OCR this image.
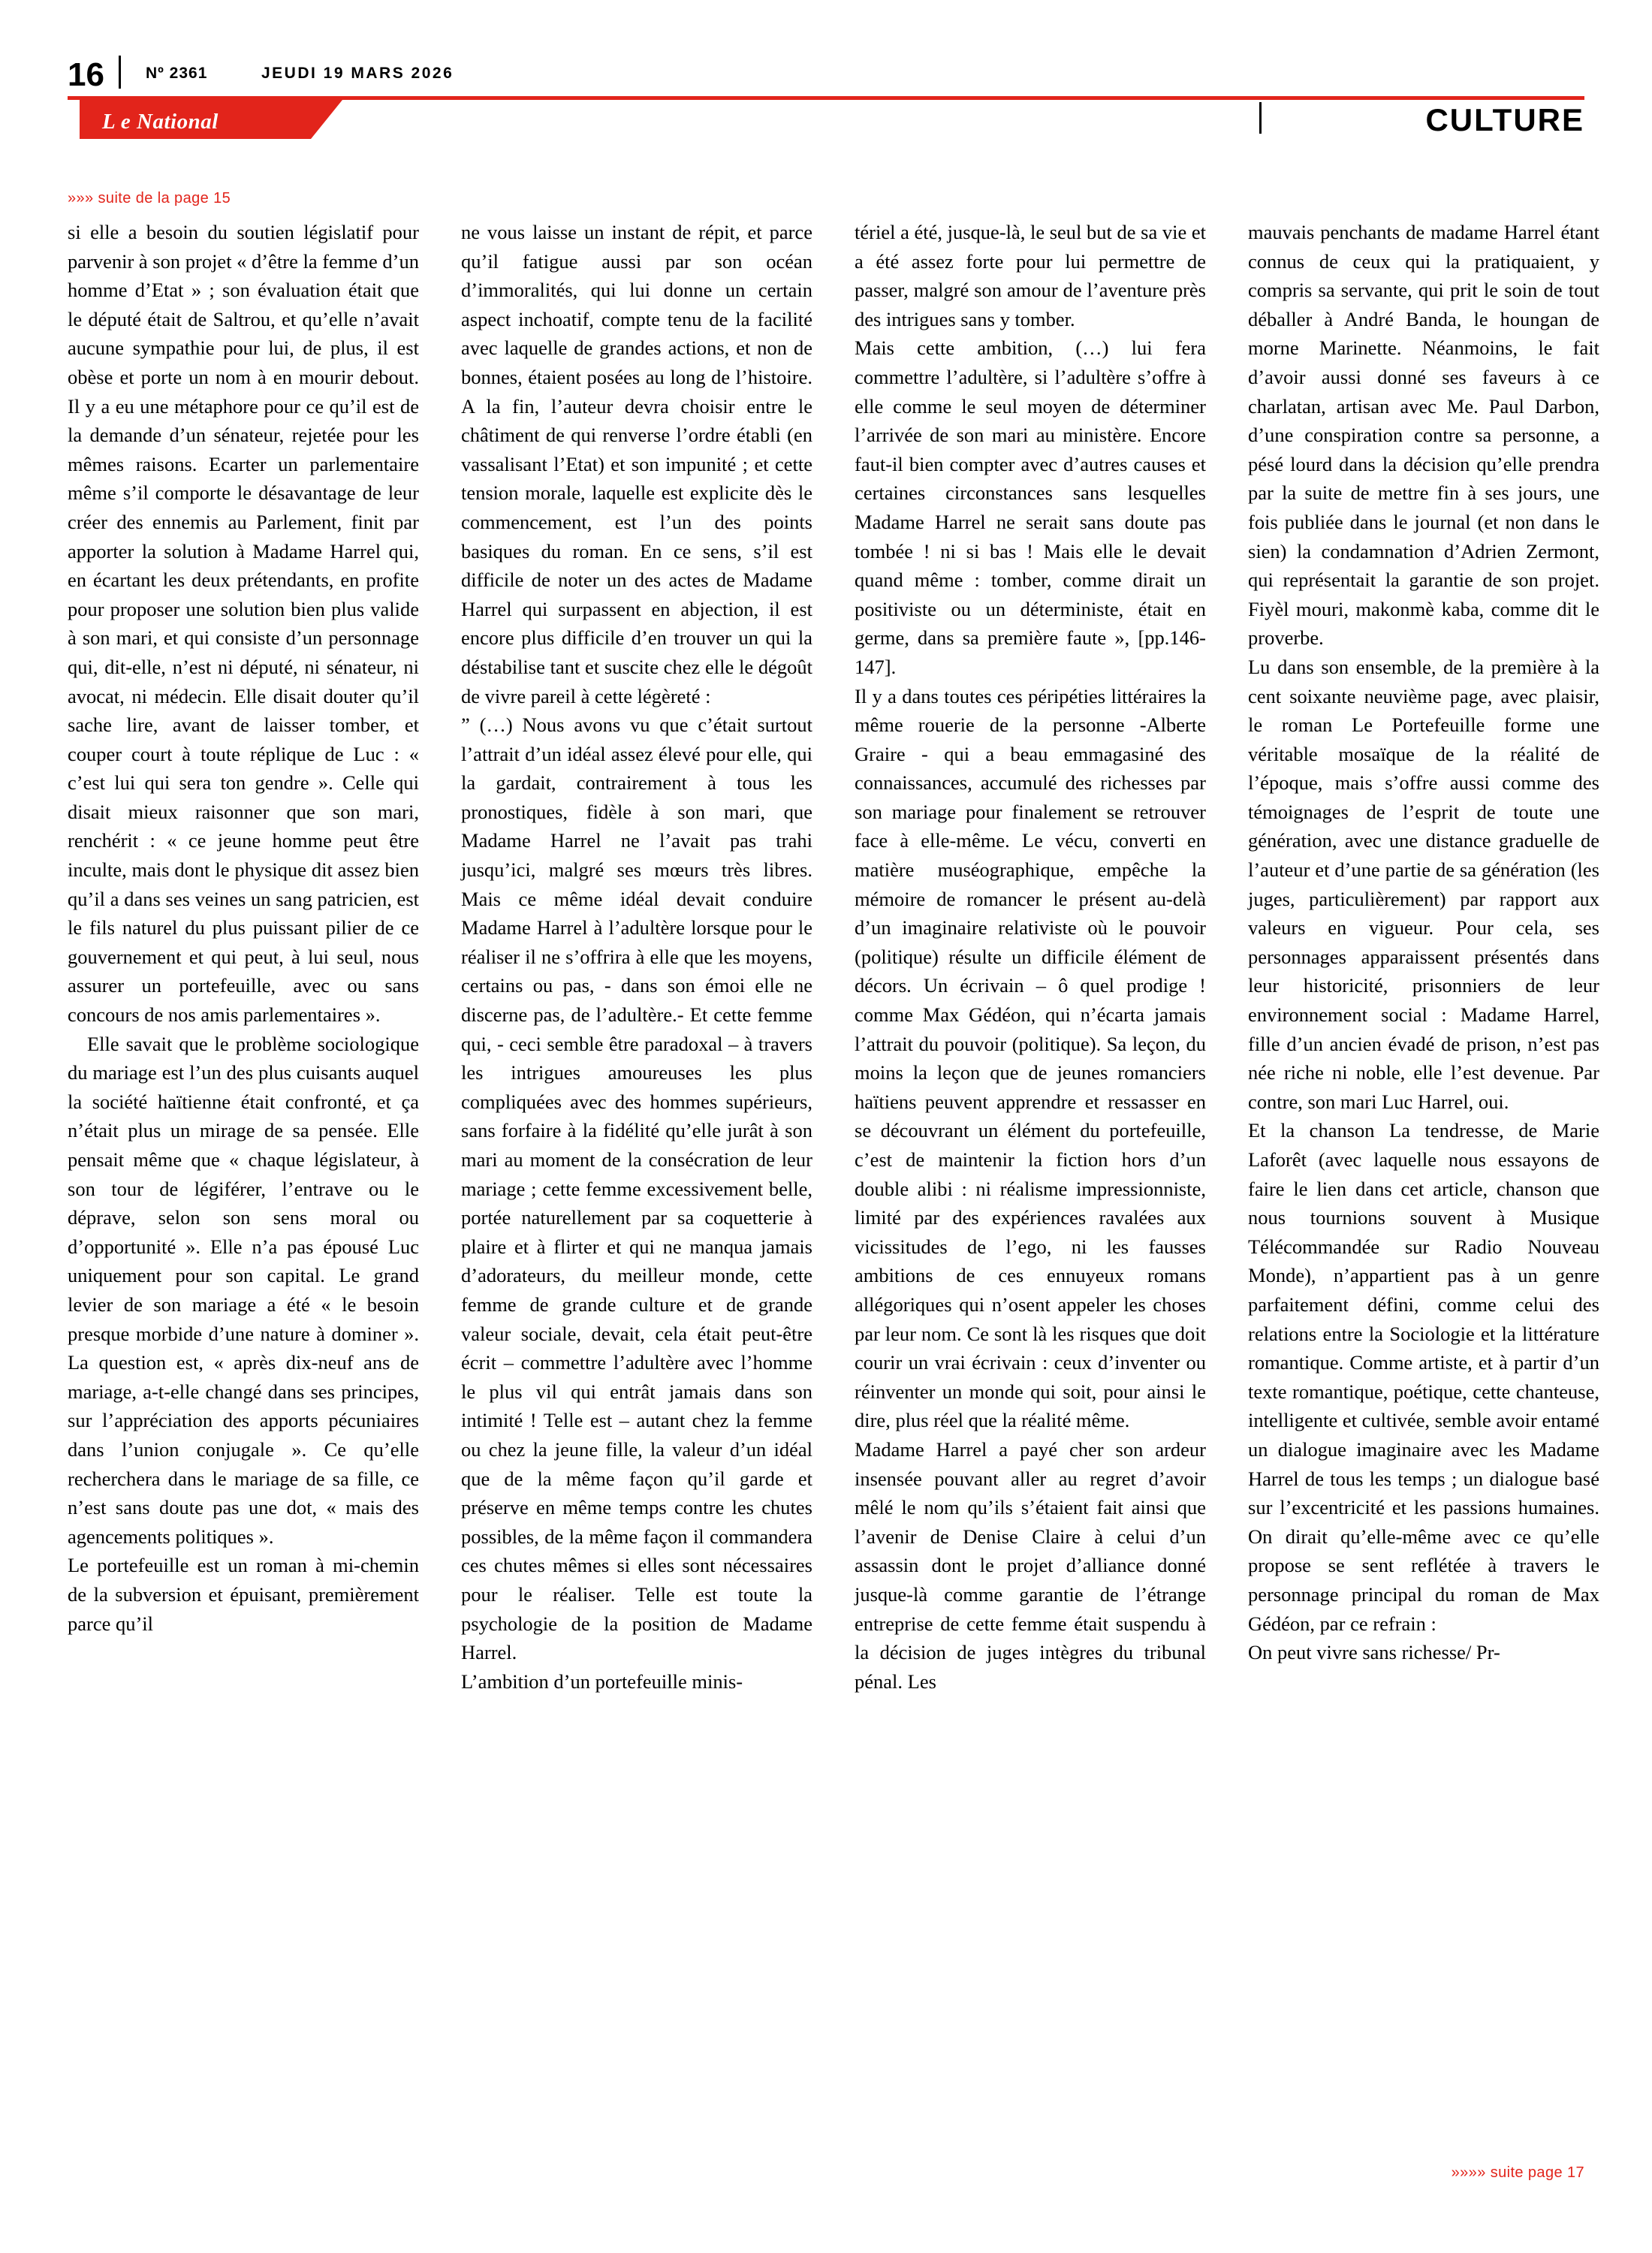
16	Nº 2361	JEUDI 19 MARS 2026
L e National	CULTURE
»»» suite de la page 15

si elle a besoin du soutien législatif pour parvenir à son projet « d’être la femme d’un homme d’Etat » ; son évaluation était que le député était de Saltrou, et qu’elle n’avait aucune sympathie pour lui, de plus, il est obèse et porte un nom à en mourir debout. Il y a eu une métaphore pour ce qu’il est de la demande d’un sénateur, rejetée pour les mêmes raisons. Ecarter un parlementaire même s’il comporte le désavantage de leur créer des ennemis au Parlement, finit par apporter la solution à Madame Harrel qui, en écartant les deux prétendants, en profite pour proposer une solution bien plus valide à son mari, et qui consiste d’un personnage qui, dit-elle, n’est ni député, ni sénateur, ni avocat, ni médecin. Elle disait douter qu’il sache lire, avant de laisser tomber, et couper court à toute réplique de Luc : « c’est lui qui sera ton gendre ». Celle qui disait mieux raisonner que son mari, renchérit : « ce jeune homme peut être inculte, mais dont le physique dit assez bien qu’il a dans ses veines un sang patricien, est le fils naturel du plus puissant pilier de ce gouvernement et qui peut, à lui seul, nous assurer un portefeuille, avec ou sans concours de nos amis parlementaires ».

Elle savait que le problème sociologique du mariage est l’un des plus cuisants auquel la société haïtienne était confronté, et ça n’était plus un mirage de sa pensée. Elle pensait même que « chaque législateur, à son tour de légiférer, l’entrave ou le déprave, selon son sens moral ou d’opportunité ». Elle n’a pas épousé Luc uniquement pour son capital. Le grand levier de son mariage a été « le besoin presque morbide d’une nature à dominer ». La question est, « après dix-neuf ans de mariage, a-t-elle changé dans ses principes, sur l’appréciation des apports pécuniaires dans l’union conjugale ». Ce qu’elle recherchera dans le mariage de sa fille, ce n’est sans doute pas une dot, « mais des agencements politiques ».

Le portefeuille est un roman à mi-chemin de la subversion et épuisant, premièrement parce qu’il

ne vous laisse un instant de répit, et parce qu’il fatigue aussi par son océan d’immoralités, qui lui donne un certain aspect inchoatif, compte tenu de la facilité avec laquelle de grandes actions, et non de bonnes, étaient posées au long de l’histoire. A la fin, l’auteur devra choisir entre le châtiment de qui renverse l’ordre établi (en vassalisant l’Etat) et son impunité ; et cette tension morale, laquelle est explicite dès le commencement, est l’un des points basiques du roman. En ce sens, s’il est difficile de noter un des actes de Madame Harrel qui surpassent en abjection, il est encore plus difficile d’en trouver un qui la déstabilise tant et suscite chez elle le dégoût de vivre pareil à cette légèreté :

” (…) Nous avons vu que c’était surtout l’attrait d’un idéal assez élevé pour elle, qui la gardait, contrairement à tous les pronostiques, fidèle à son mari, que Madame Harrel ne l’avait pas trahi jusqu’ici, malgré ses mœurs très libres. Mais ce même idéal devait conduire Madame Harrel à l’adultère lorsque pour le réaliser il ne s’offrira à elle que les moyens, certains ou pas, - dans son émoi elle ne discerne pas, de l’adultère.- Et cette femme qui, - ceci semble être paradoxal – à travers les intrigues amoureuses les plus compliquées avec des hommes supérieurs, sans forfaire à la fidélité qu’elle jurât à son mari au moment de la consécration de leur mariage ; cette femme excessivement belle, portée naturellement par sa coquetterie à plaire et à flirter et qui ne manqua jamais d’adorateurs, du meilleur monde, cette femme de grande culture et de grande valeur sociale, devait, cela était peut-être écrit – commettre l’adultère avec l’homme le plus vil qui entrât jamais dans son intimité ! Telle est – autant chez la femme ou chez la jeune fille, la valeur d’un idéal que de la même façon qu’il garde et préserve en même temps contre les chutes possibles, de la même façon il commandera ces chutes mêmes si elles sont nécessaires pour le réaliser. Telle est toute la psychologie de la position de Madame Harrel.

L’ambition d’un portefeuille minis-

tériel a été, jusque-là, le seul but de sa vie et a été assez forte pour lui permettre de passer, malgré son amour de l’aventure près des intrigues sans y tomber.

Mais cette ambition, (…) lui fera commettre l’adultère, si l’adultère s’offre à elle comme le seul moyen de déterminer l’arrivée de son mari au ministère. Encore faut-il bien compter avec d’autres causes et certaines circonstances sans lesquelles Madame Harrel ne serait sans doute pas tombée ! ni si bas ! Mais elle le devait quand même : tomber, comme dirait un positiviste ou un déterministe, était en germe, dans sa première faute », [pp.146-147].

Il y a dans toutes ces péripéties littéraires la même rouerie de la personne -Alberte Graire - qui a beau emmagasiné des connaissances, accumulé des richesses par son mariage pour finalement se retrouver face à elle-même. Le vécu, converti en matière muséographique, empêche la mémoire de romancer le présent au-delà d’un imaginaire relativiste où le pouvoir (politique) résulte un difficile élément de décors. Un écrivain – ô quel prodige ! comme Max Gédéon, qui n’écarta jamais l’attrait du pouvoir (politique). Sa leçon, du moins la leçon que de jeunes romanciers haïtiens peuvent apprendre et ressasser en se découvrant un élément du portefeuille, c’est de maintenir la fiction hors d’un double alibi : ni réalisme impressionniste, limité par des expériences ravalées aux vicissitudes de l’ego, ni les fausses ambitions de ces ennuyeux romans allégoriques qui n’osent appeler les choses par leur nom. Ce sont là les risques que doit courir un vrai écrivain : ceux d’inventer ou réinventer un monde qui soit, pour ainsi le dire, plus réel que la réalité même.

Madame Harrel a payé cher son ardeur insensée pouvant aller au regret d’avoir mêlé le nom qu’ils s’étaient fait ainsi que l’avenir de Denise Claire à celui d’un assassin dont le projet d’alliance donné jusque-là comme garantie de l’étrange entreprise de cette femme était suspendu à la décision de juges intègres du tribunal pénal. Les

mauvais penchants de madame Harrel étant connus de ceux qui la pratiquaient, y compris sa servante, qui prit le soin de tout déballer à André Banda, le houngan de morne Marinette. Néanmoins, le fait d’avoir aussi donné ses faveurs à ce charlatan, artisan avec Me. Paul Darbon, d’une conspiration contre sa personne, a pésé lourd dans la décision qu’elle prendra par la suite de mettre fin à ses jours, une fois publiée dans le journal (et non dans le sien) la condamnation d’Adrien Zermont, qui représentait la garantie de son projet. Fiyèl mouri, makonmè kaba, comme dit le proverbe.

Lu dans son ensemble, de la première à la cent soixante neuvième page, avec plaisir, le roman Le Portefeuille forme une véritable mosaïque de la réalité de l’époque, mais s’offre aussi comme des témoignages de l’esprit de toute une génération, avec une distance graduelle de l’auteur et d’une partie de sa génération (les juges, particulièrement) par rapport aux valeurs en vigueur. Pour cela, ses personnages apparaissent présentés dans leur historicité, prisonniers de leur environnement social : Madame Harrel, fille d’un ancien évadé de prison, n’est pas née riche ni noble, elle l’est devenue. Par contre, son mari Luc Harrel, oui.

Et la chanson La tendresse, de Marie Laforêt (avec laquelle nous essayons de faire le lien dans cet article, chanson que nous tournions souvent à Musique Télécommandée sur Radio Nouveau Monde), n’appartient pas à un genre parfaitement défini, comme celui des relations entre la Sociologie et la littérature romantique. Comme artiste, et à partir d’un texte romantique, poétique, cette chanteuse, intelligente et cultivée, semble avoir entamé un dialogue imaginaire avec les Madame Harrel de tous les temps ; un dialogue basé sur l’excentricité et les passions humaines. On dirait qu’elle-même avec ce qu’elle propose se sent reflétée à travers le personnage principal du roman de Max Gédéon, par ce refrain :

On peut vivre sans richesse/ Pr-

»»»» suite page 17
